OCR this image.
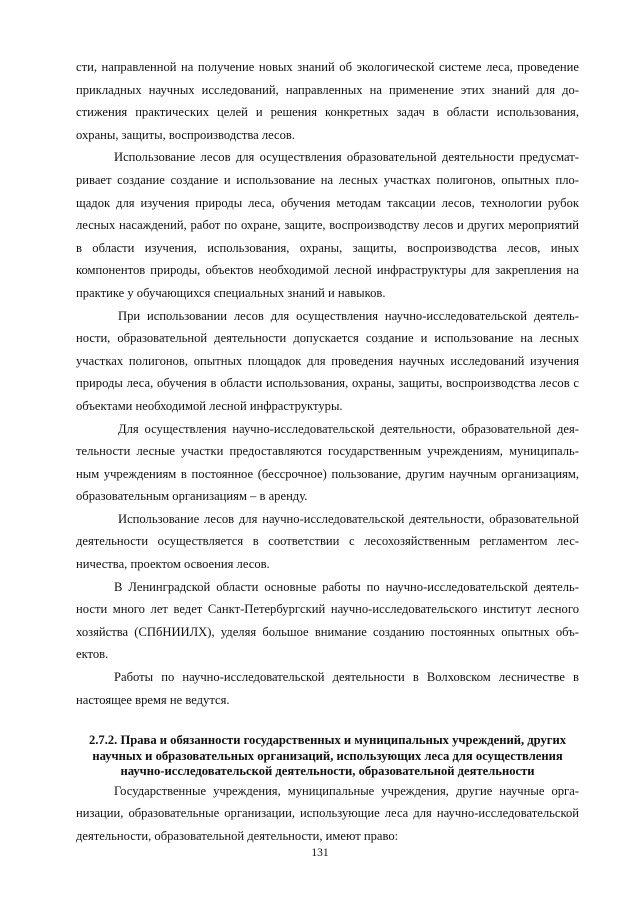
сти, направленной на получение новых знаний об экологической системе леса, проведение прикладных научных исследований, направленных на применение этих знаний для достижения практических целей и решения конкретных задач в области использования, охраны, защиты, воспроизводства лесов.

Использование лесов для осуществления образовательной деятельности предусматривает создание создание и использование на лесных участках полигонов, опытных площадок для изучения природы леса, обучения методам таксации лесов, технологии рубок лесных насаждений, работ по охране, защите, воспроизводству лесов и других мероприятий в области изучения, использования, охраны, защиты, воспроизводства лесов, иных компонентов природы, объектов необходимой лесной инфраструктуры для закрепления на практике у обучающихся специальных знаний и навыков.

При использовании лесов для осуществления научно-исследовательской деятельности, образовательной деятельности допускается создание и использование на лесных участках полигонов, опытных площадок для проведения научных исследований изучения природы леса, обучения в области использования, охраны, защиты, воспроизводства лесов с объектами необходимой лесной инфраструктуры.

Для осуществления научно-исследовательской деятельности, образовательной деятельности лесные участки предоставляются государственным учреждениям, муниципальным учреждениям в постоянное (бессрочное) пользование, другим научным организациям, образовательным организациям – в аренду.

Использование лесов для научно-исследовательской деятельности, образовательной деятельности осуществляется в соответствии с лесохозяйственным регламентом лесничества, проектом освоения лесов.

В Ленинградской области основные работы по научно-исследовательской деятельности много лет ведет Санкт-Петербургский научно-исследовательского институт лесного хозяйства (СПбНИИЛХ), уделяя большое внимание созданию постоянных опытных объектов.

Работы по научно-исследовательской деятельности в Волховском лесничестве в настоящее время не ведутся.

2.7.2. Права и обязанности государственных и муниципальных учреждений, других научных и образовательных организаций, использующих леса для осуществления научно-исследовательской деятельности, образовательной деятельности

Государственные учреждения, муниципальные учреждения, другие научные организации, образовательные организации, использующие леса для научно-исследовательской деятельности, образовательной деятельности, имеют право:

131
